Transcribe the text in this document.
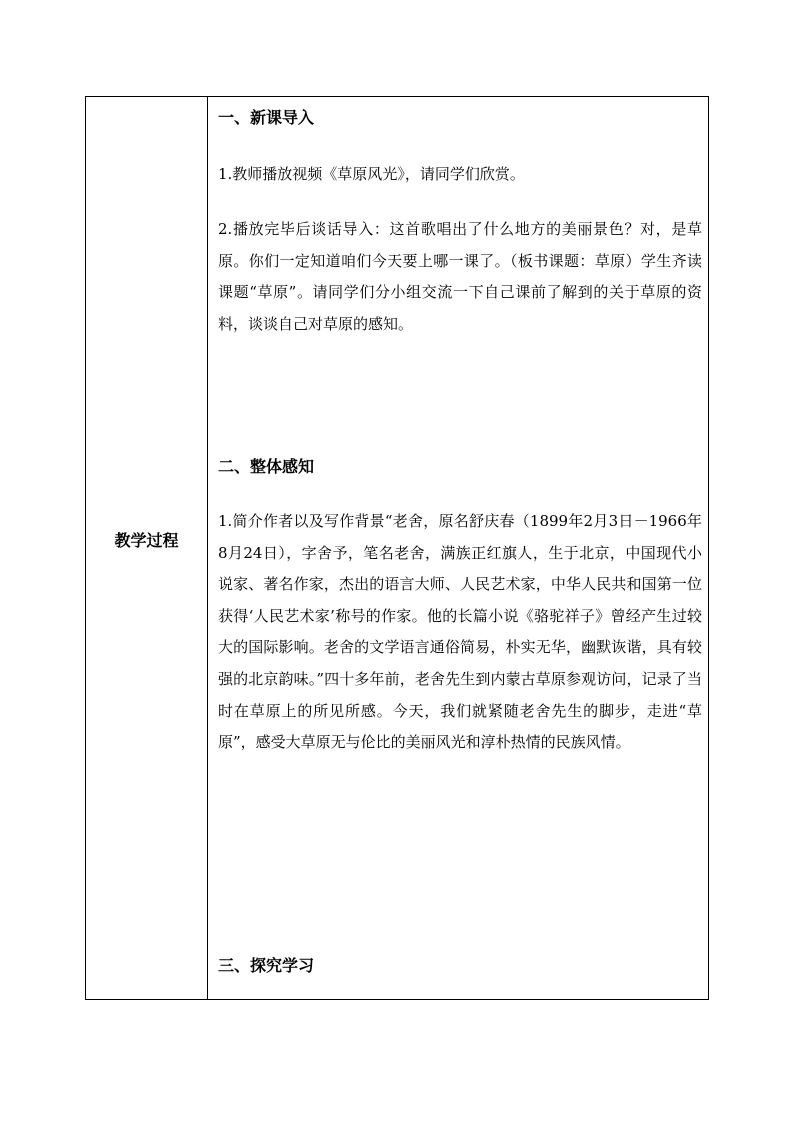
教学过程
一、新课导入
1.教师播放视频《草原风光》，请同学们欣赏。
2.播放完毕后谈话导入：这首歌唱出了什么地方的美丽景色？对，是草原。你们一定知道咱们今天要上哪一课了。（板书课题：草原）学生齐读课题“草原”。请同学们分小组交流一下自己课前了解到的关于草原的资料，谈谈自己对草原的感知。
二、整体感知
1.简介作者以及写作背景“老舍，原名舒庆春（1899年2月3日－1966年8月24日），字舍予，笔名老舍，满族正红旗人，生于北京，中国现代小说家、著名作家，杰出的语言大师、人民艺术家，中华人民共和国第一位获得‘人民艺术家’称号的作家。他的长篇小说《骆驼祥子》曾经产生过较大的国际影响。老舍的文学语言通俗简易，朴实无华，幽默诙谐，具有较强的北京韵味。”四十多年前，老舍先生到内蒙古草原参观访问，记录了当时在草原上的所见所感。今天，我们就紧随老舍先生的脚步，走进“草原”，感受大草原无与伦比的美丽风光和淳朴热情的民族风情。
三、探究学习
